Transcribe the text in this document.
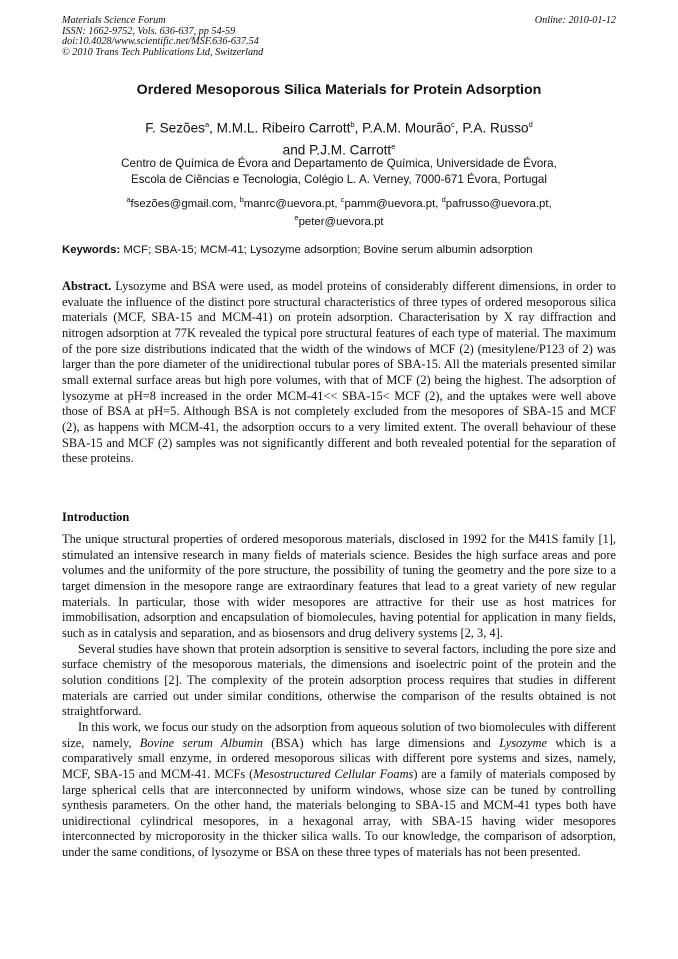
Materials Science Forum
ISSN: 1662-9752, Vols. 636-637, pp 54-59
doi:10.4028/www.scientific.net/MSF.636-637.54
© 2010 Trans Tech Publications Ltd, Switzerland
Online: 2010-01-12
Ordered Mesoporous Silica Materials for Protein Adsorption
F. Sezões$^a$, M.M.L. Ribeiro Carrott$^b$, P.A.M. Mourão$^c$, P.A. Russo$^d$
and P.J.M. Carrott$^e$
Centro de Química de Évora and Departamento de Química, Universidade de Évora,
Escola de Ciências e Tecnologia, Colégio L. A. Verney, 7000-671 Évora, Portugal
$^a$fsezões@gmail.com, $^b$manrc@uevora.pt, $^c$pamm@uevora.pt, $^d$pafrusso@uevora.pt,
$^e$peter@uevora.pt
Keywords: MCF; SBA-15; MCM-41; Lysozyme adsorption; Bovine serum albumin adsorption
Abstract. Lysozyme and BSA were used, as model proteins of considerably different dimensions, in order to evaluate the influence of the distinct pore structural characteristics of three types of ordered mesoporous silica materials (MCF, SBA-15 and MCM-41) on protein adsorption. Characterisation by X ray diffraction and nitrogen adsorption at 77K revealed the typical pore structural features of each type of material. The maximum of the pore size distributions indicated that the width of the windows of MCF (2) (mesitylene/P123 of 2) was larger than the pore diameter of the unidirectional tubular pores of SBA-15. All the materials presented similar small external surface areas but high pore volumes, with that of MCF (2) being the highest. The adsorption of lysozyme at pH=8 increased in the order MCM-41<< SBA-15< MCF (2), and the uptakes were well above those of BSA at pH=5. Although BSA is not completely excluded from the mesopores of SBA-15 and MCF (2), as happens with MCM-41, the adsorption occurs to a very limited extent. The overall behaviour of these SBA-15 and MCF (2) samples was not significantly different and both revealed potential for the separation of these proteins.
Introduction

The unique structural properties of ordered mesoporous materials, disclosed in 1992 for the M41S family [1], stimulated an intensive research in many fields of materials science. Besides the high surface areas and pore volumes and the uniformity of the pore structure, the possibility of tuning the geometry and the pore size to a target dimension in the mesopore range are extraordinary features that lead to a great variety of new regular materials. In particular, those with wider mesopores are attractive for their use as host matrices for immobilisation, adsorption and encapsulation of biomolecules, having potential for application in many fields, such as in catalysis and separation, and as biosensors and drug delivery systems [2, 3, 4].

Several studies have shown that protein adsorption is sensitive to several factors, including the pore size and surface chemistry of the mesoporous materials, the dimensions and isoelectric point of the protein and the solution conditions [2]. The complexity of the protein adsorption process requires that studies in different materials are carried out under similar conditions, otherwise the comparison of the results obtained is not straightforward.

In this work, we focus our study on the adsorption from aqueous solution of two biomolecules with different size, namely, Bovine serum Albumin (BSA) which has large dimensions and Lysozyme which is a comparatively small enzyme, in ordered mesoporous silicas with different pore systems and sizes, namely, MCF, SBA-15 and MCM-41. MCFs (Mesostructured Cellular Foams) are a family of materials composed by large spherical cells that are interconnected by uniform windows, whose size can be tuned by controlling synthesis parameters. On the other hand, the materials belonging to SBA-15 and MCM-41 types both have unidirectional cylindrical mesopores, in a hexagonal array, with SBA-15 having wider mesopores interconnected by microporosity in the thicker silica walls. To our knowledge, the comparison of adsorption, under the same conditions, of lysozyme or BSA on these three types of materials has not been presented.
